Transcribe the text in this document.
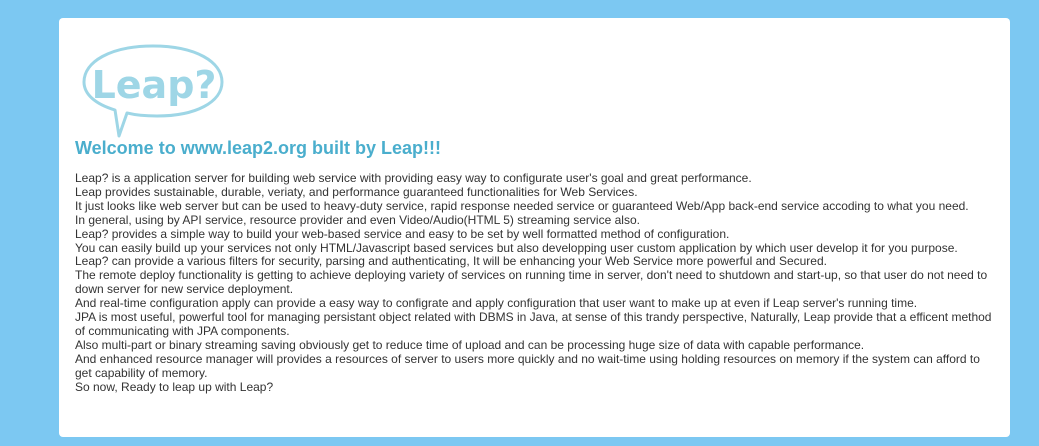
Leap?
Welcome to www.leap2.org built by Leap!!!

Leap? is a application server for building web service with providing easy way to configurate user's goal and great performance.

Leap provides sustainable, durable, veriaty, and performance guaranteed functionalities for Web Services.

It just looks like web server but can be used to heavy-duty service, rapid response needed service or guaranteed Web/App back-end service accoding to what you need.

In general, using by API service, resource provider and even Video/Audio(HTML 5) streaming service also.

Leap? provides a simple way to build your web-based service and easy to be set by well formatted method of configuration.

You can easily build up your services not only HTML/Javascript based services but also developping user custom application by which user develop it for you purpose.

Leap? can provide a various filters for security, parsing and authenticating, It will be enhancing your Web Service more powerful and Secured.

The remote deploy functionality is getting to achieve deploying variety of services on running time in server, don't need to shutdown and start-up, so that user do not need to down server for new service deployment.

And real-time configuration apply can provide a easy way to configrate and apply configuration that user want to make up at even if Leap server's running time.

JPA is most useful, powerful tool for managing persistant object related with DBMS in Java, at sense of this trandy perspective, Naturally, Leap provide that a efficent method of communicating with JPA components.

Also multi-part or binary streaming saving obviously get to reduce time of upload and can be processing huge size of data with capable performance.

And enhanced resource manager will provides a resources of server to users more quickly and no wait-time using holding resources on memory if the system can afford to get capability of memory.

So now, Ready to leap up with Leap?
